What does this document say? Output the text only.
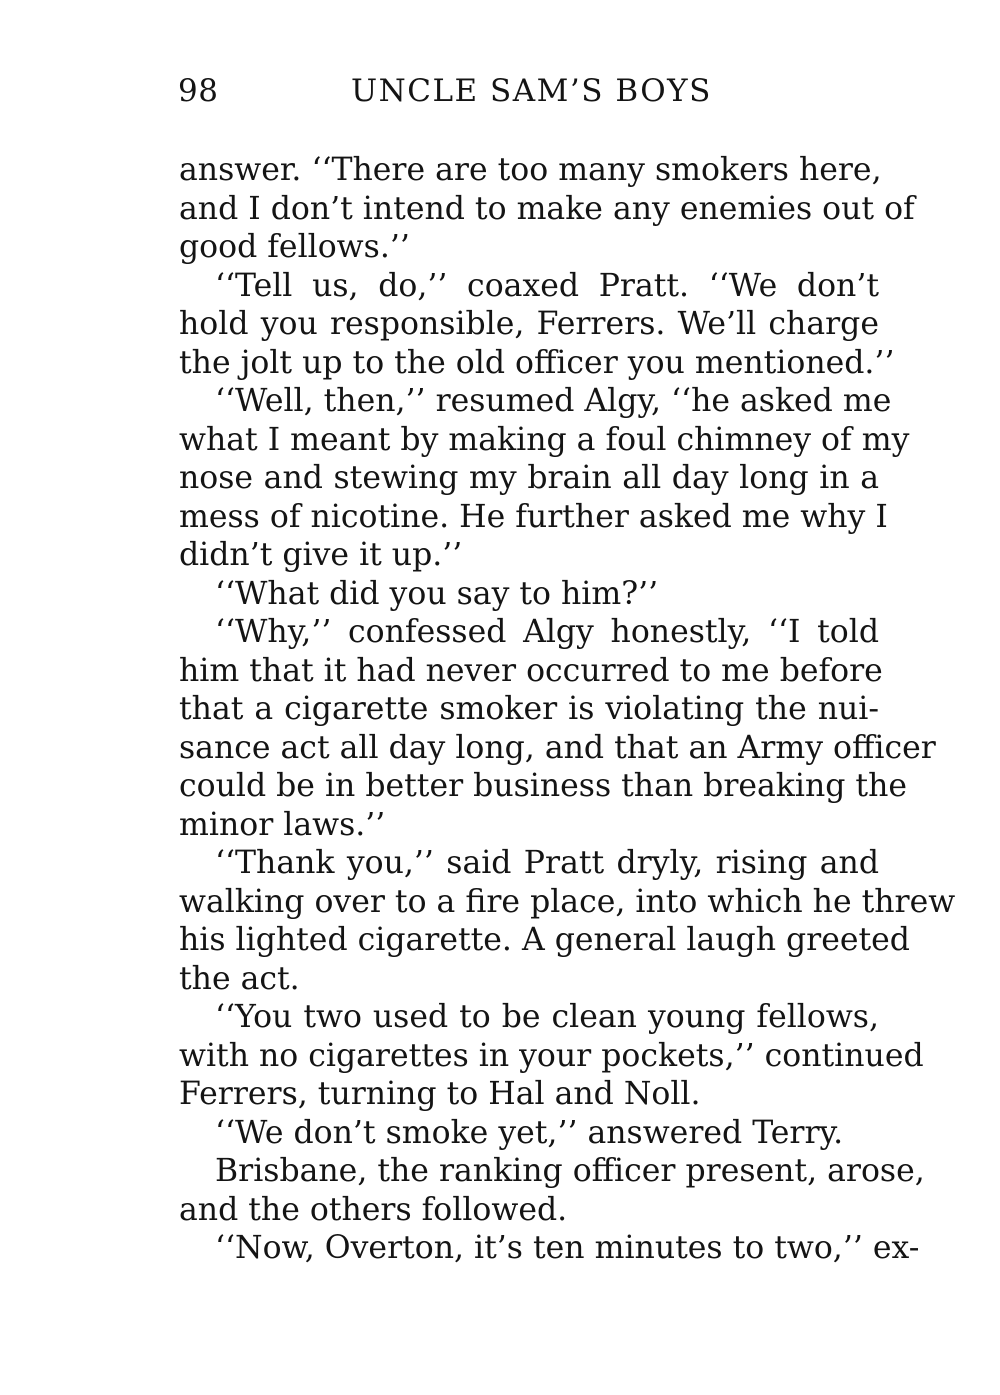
98	UNCLE SAM’S BOYS
answer. ‘‘There are too many smokers here,
and I don’t intend to make any enemies out of
good fellows.’’
‘‘Tell us, do,’’ coaxed Pratt. ‘‘We don’t
hold you responsible, Ferrers. We’ll charge
the jolt up to the old officer you mentioned.’’
‘‘Well, then,’’ resumed Algy, ‘‘he asked me
what I meant by making a foul chimney of my
nose and stewing my brain all day long in a
mess of nicotine. He further asked me why I
didn’t give it up.’’
‘‘What did you say to him?’’
‘‘Why,’’ confessed Algy honestly, ‘‘I told
him that it had never occurred to me before
that a cigarette smoker is violating the nui-
sance act all day long, and that an Army officer
could be in better business than breaking the
minor laws.’’
‘‘Thank you,’’ said Pratt dryly, rising and
walking over to a fire place, into which he threw
his lighted cigarette. A general laugh greeted
the act.
‘‘You two used to be clean young fellows,
with no cigarettes in your pockets,’’ continued
Ferrers, turning to Hal and Noll.
‘‘We don’t smoke yet,’’ answered Terry.
Brisbane, the ranking officer present, arose,
and the others followed.
‘‘Now, Overton, it’s ten minutes to two,’’ ex-
